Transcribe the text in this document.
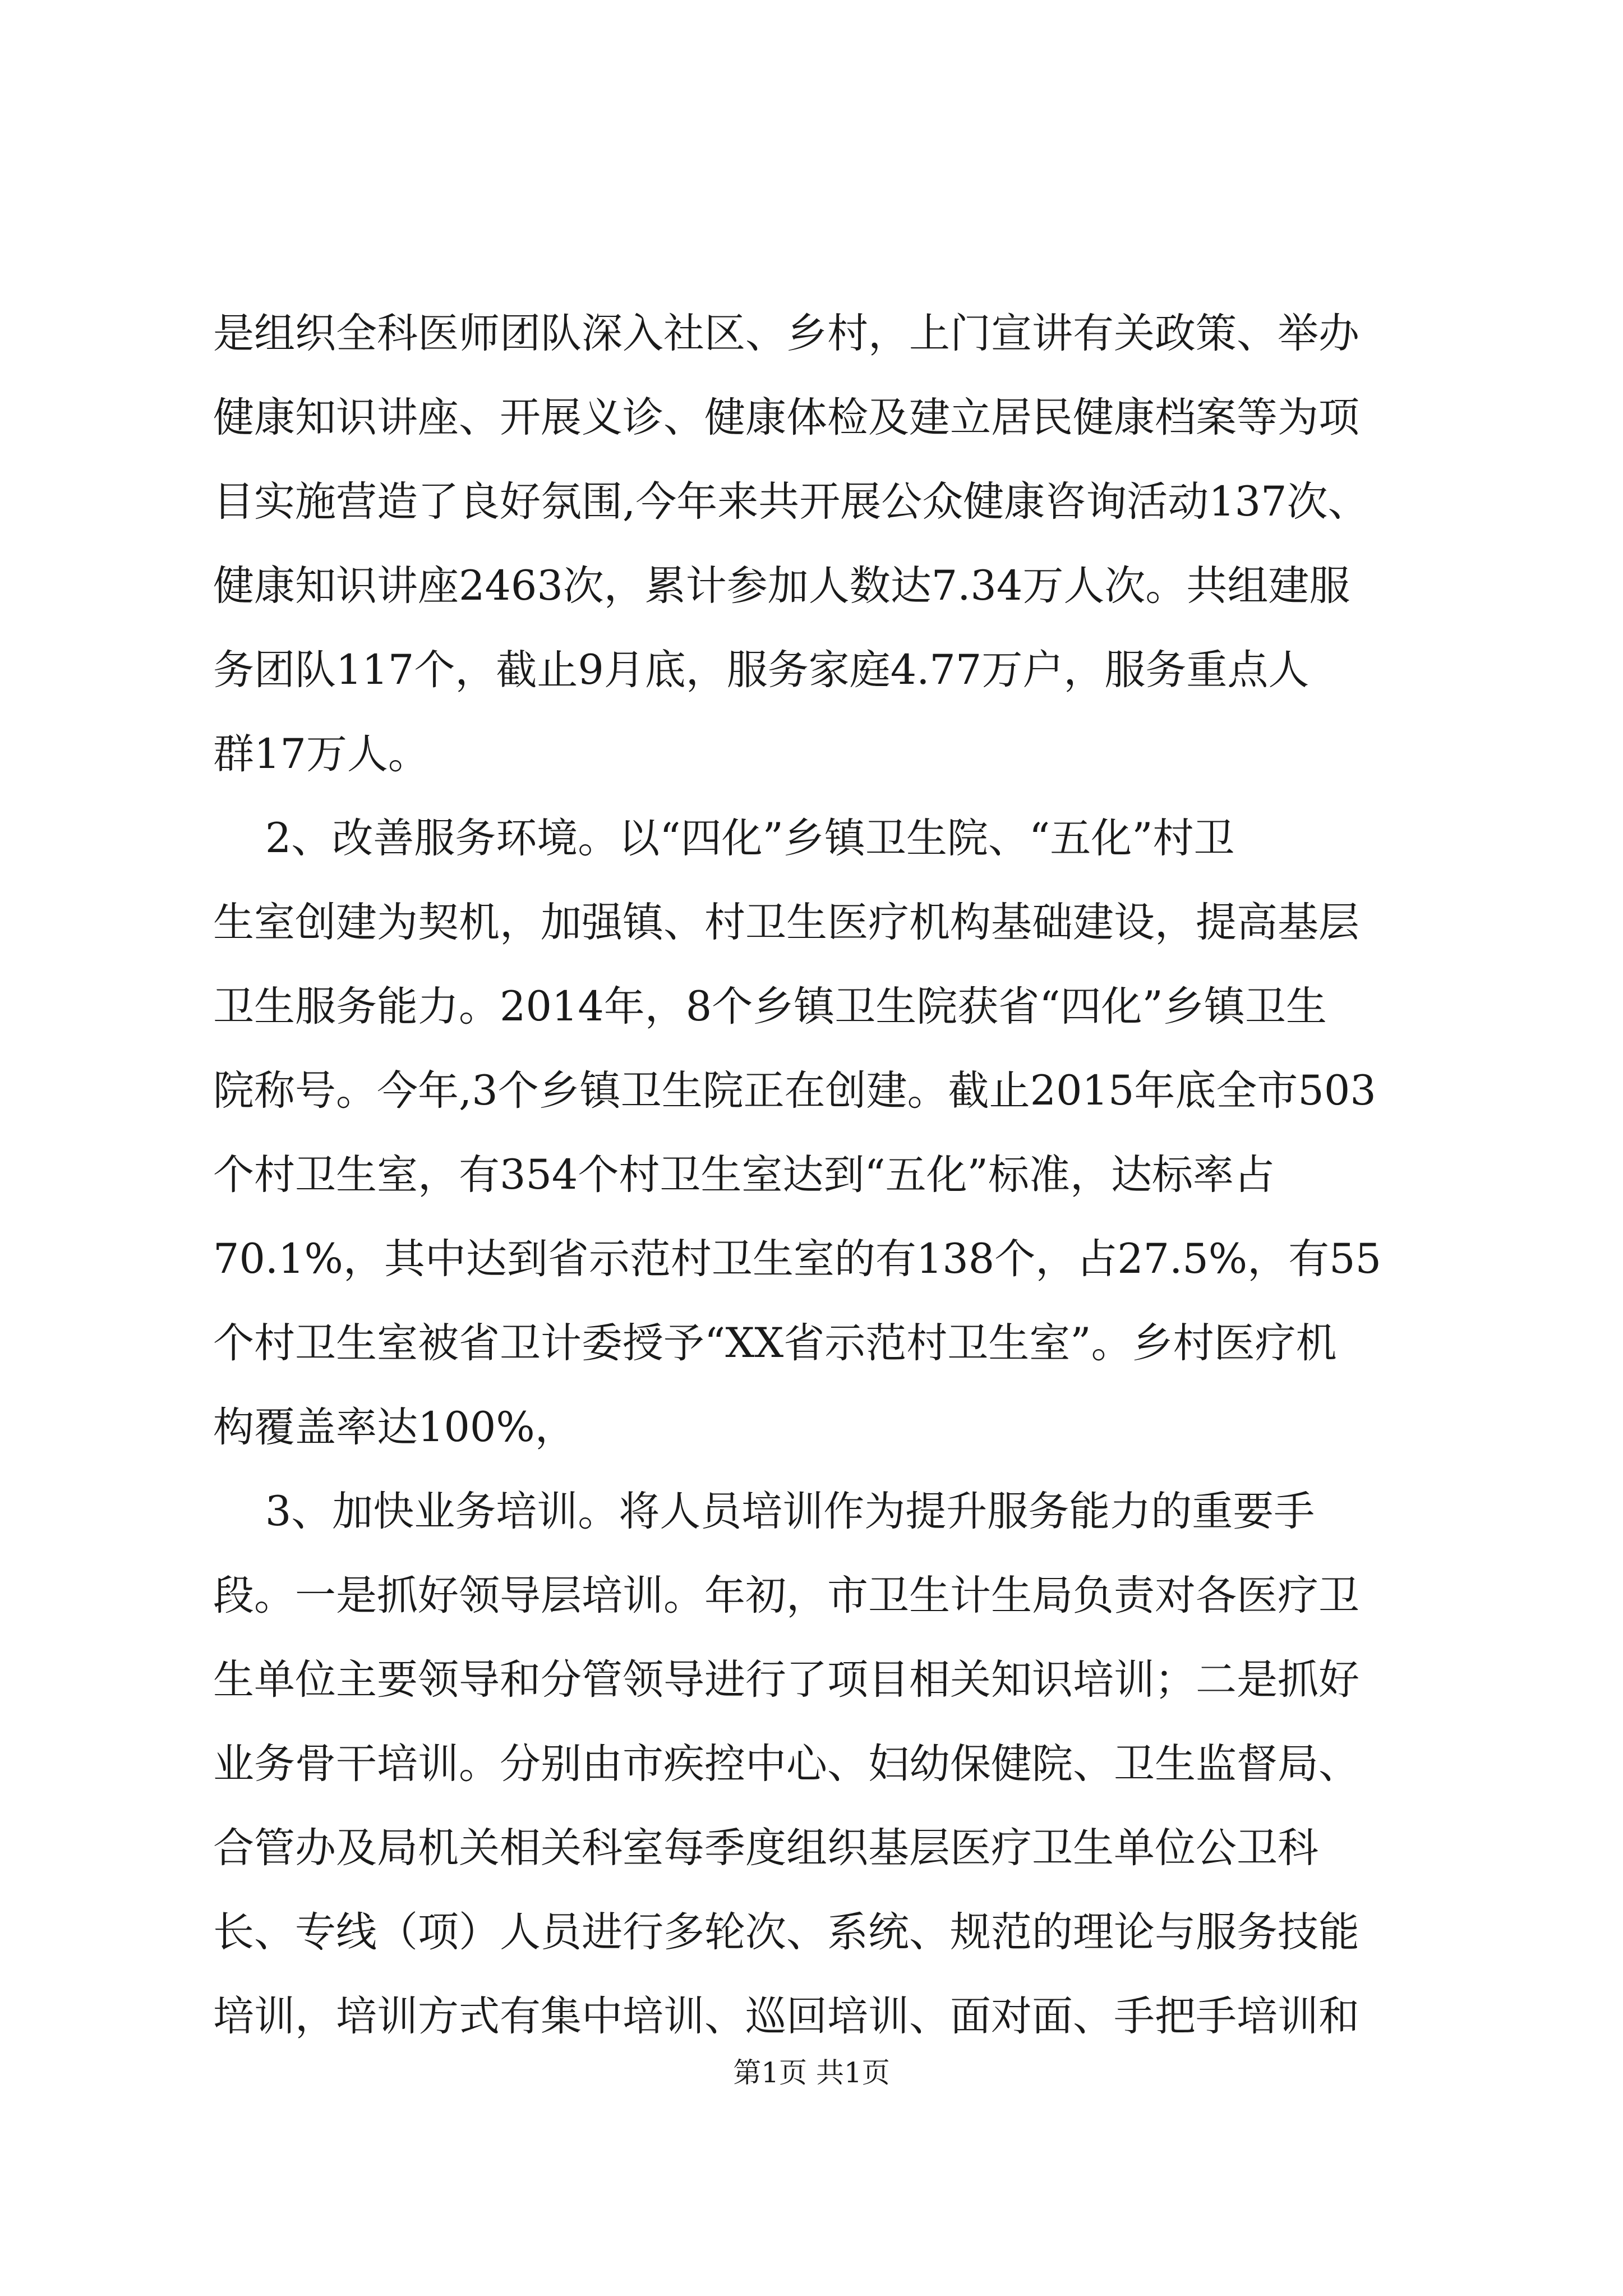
是组织全科医师团队深入社区、乡村，上门宣讲有关政策、举办
健康知识讲座、开展义诊、健康体检及建立居民健康档案等为项
目实施营造了良好氛围,今年来共开展公众健康咨询活动137次、
健康知识讲座2463次，累计参加人数达7.34万人次。共组建服
务团队117个，截止9月底，服务家庭4.77万户，服务重点人
群17万人。
2、改善服务环境。以“四化”乡镇卫生院、“五化”村卫
生室创建为契机，加强镇、村卫生医疗机构基础建设，提高基层
卫生服务能力。2014年，8个乡镇卫生院获省“四化”乡镇卫生
院称号。今年,3个乡镇卫生院正在创建。截止2015年底全市503
个村卫生室，有354个村卫生室达到“五化”标准，达标率占
70.1%，其中达到省示范村卫生室的有138个，占27.5%，有55
个村卫生室被省卫计委授予“XX省示范村卫生室”。乡村医疗机
构覆盖率达100%，
3、加快业务培训。将人员培训作为提升服务能力的重要手
段。一是抓好领导层培训。年初，市卫生计生局负责对各医疗卫
生单位主要领导和分管领导进行了项目相关知识培训；二是抓好
业务骨干培训。分别由市疾控中心、妇幼保健院、卫生监督局、
合管办及局机关相关科室每季度组织基层医疗卫生单位公卫科
长、专线（项）人员进行多轮次、系统、规范的理论与服务技能
培训，培训方式有集中培训、巡回培训、面对面、手把手培训和
第1页 共1页
